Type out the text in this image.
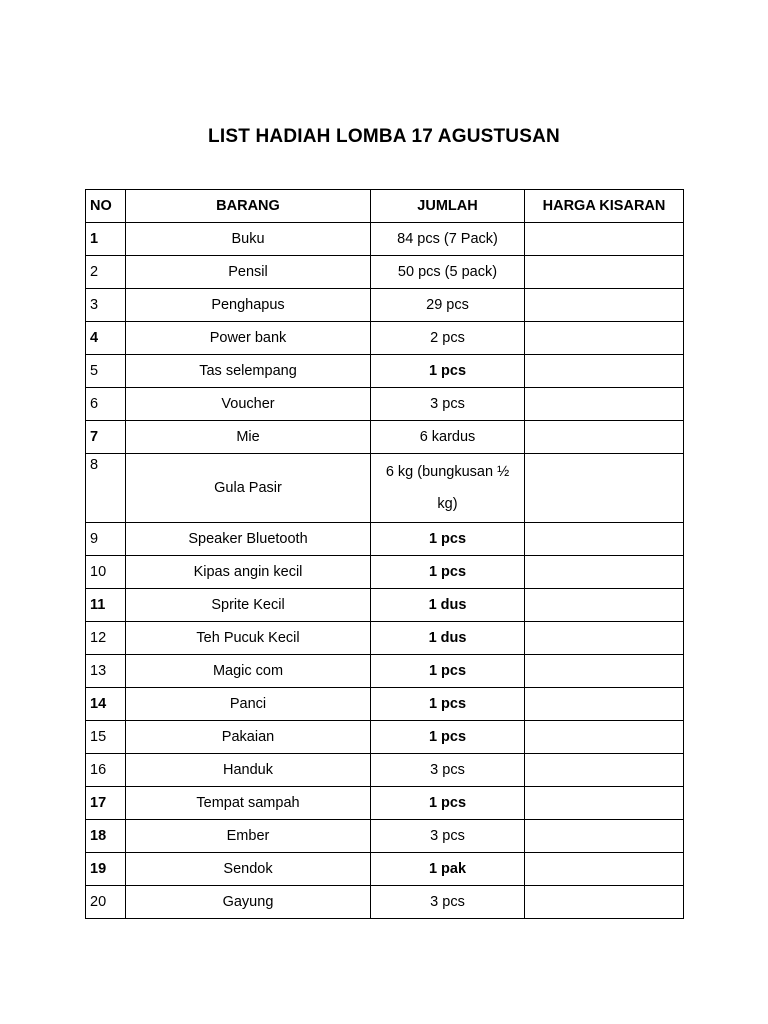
LIST HADIAH LOMBA 17 AGUSTUSAN
NO	BARANG	JUMLAH	HARGA KISARAN
1	Buku	84 pcs (7 Pack)	
2	Pensil	50 pcs (5 pack)	
3	Penghapus	29 pcs	
4	Power bank	2 pcs	
5	Tas selempang	1 pcs	
6	Voucher	3 pcs	
7	Mie	6 kardus	
8	Gula Pasir	6 kg (bungkusan ½ kg)	
9	Speaker Bluetooth	1 pcs	
10	Kipas angin kecil	1 pcs	
11	Sprite Kecil	1 dus	
12	Teh Pucuk Kecil	1 dus	
13	Magic com	1 pcs	
14	Panci	1 pcs	
15	Pakaian	1 pcs	
16	Handuk	3 pcs	
17	Tempat sampah	1 pcs	
18	Ember	3 pcs	
19	Sendok	1 pak	
20	Gayung	3 pcs	
